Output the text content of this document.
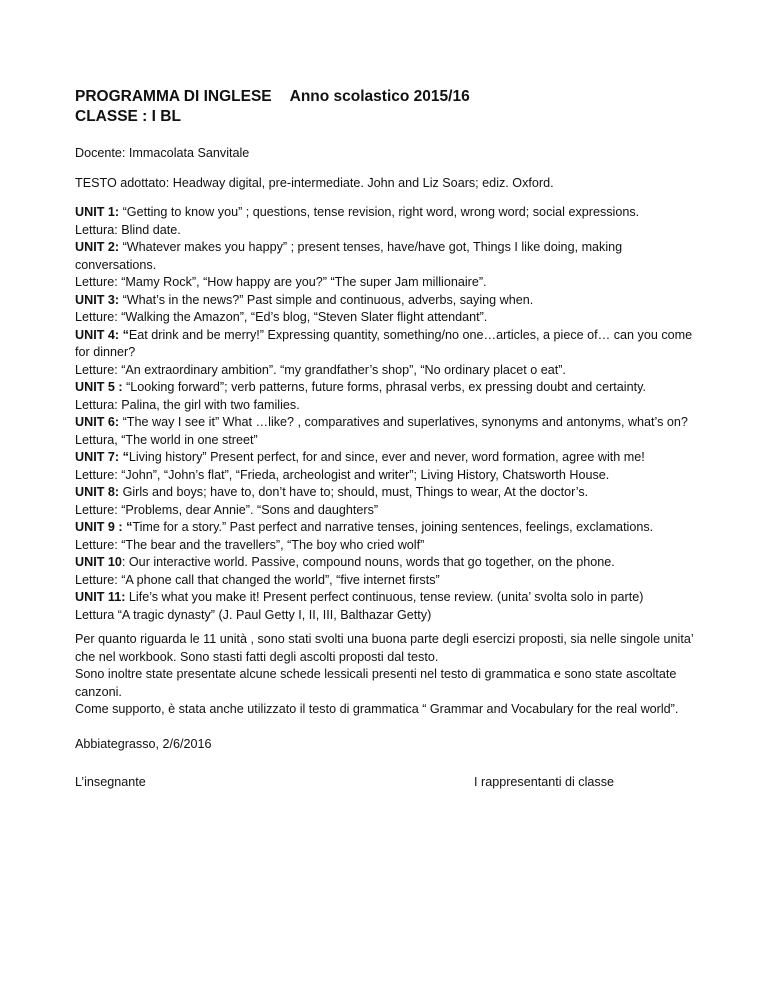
PROGRAMMA DI INGLESE Anno scolastico 2015/16
CLASSE : I BL
Docente: Immacolata Sanvitale
TESTO adottato: Headway digital, pre-intermediate. John and Liz Soars; ediz. Oxford.

UNIT 1: “Getting to know you” ; questions, tense revision, right word, wrong word; social expressions.

Lettura: Blind date.

UNIT 2: “Whatever makes you happy” ; present tenses, have/have got, Things I like doing, making conversations.

Letture: “Mamy Rock”, “How happy are you?” “The super Jam millionaire”.

UNIT 3: “What’s in the news?” Past simple and continuous, adverbs, saying when.

Letture: “Walking the Amazon”, “Ed’s blog, “Steven Slater flight attendant”.

UNIT 4: “Eat drink and be merry!” Expressing quantity, something/no one…articles, a piece of… can you come for dinner?

Letture: “An extraordinary ambition”. “my grandfather’s shop”, “No ordinary placet o eat”.

UNIT 5 : “Looking forward”; verb patterns, future forms, phrasal verbs, ex pressing doubt and certainty.

Lettura: Palina, the girl with two families.

UNIT 6: “The way I see it” What …like? , comparatives and superlatives, synonyms and antonyms, what’s on?

Lettura, “The world in one street”

UNIT 7: “Living history” Present perfect, for and since, ever and never, word formation, agree with me!

Letture: “John”, “John’s flat”, “Frieda, archeologist and writer”; Living History, Chatsworth House.

UNIT 8: Girls and boys; have to, don’t have to; should, must, Things to wear, At the doctor’s.

Letture: “Problems, dear Annie”. “Sons and daughters”

UNIT 9 : “Time for a story.” Past perfect and narrative tenses, joining sentences, feelings, exclamations.

Letture: “The bear and the travellers”, “The boy who cried wolf”

UNIT 10: Our interactive world. Passive, compound nouns, words that go together, on the phone.

Letture: “A phone call that changed the world”, “five internet firsts”

UNIT 11: Life’s what you make it! Present perfect continuous, tense review. (unita’ svolta solo in parte)

Lettura “A tragic dynasty” (J. Paul Getty I, II, III, Balthazar Getty)

Per quanto riguarda le 11 unità , sono stati svolti una buona parte degli esercizi proposti, sia nelle singole unita’ che nel workbook. Sono stasti fatti degli ascolti proposti dal testo.

Sono inoltre state presentate alcune schede lessicali presenti nel testo di grammatica e sono state ascoltate canzoni.

Come supporto, è stata anche utilizzato il testo di grammatica “ Grammar and Vocabulary for the real world”.

Abbiategrasso, 2/6/2016

L’insegnante	I rappresentanti di classe
